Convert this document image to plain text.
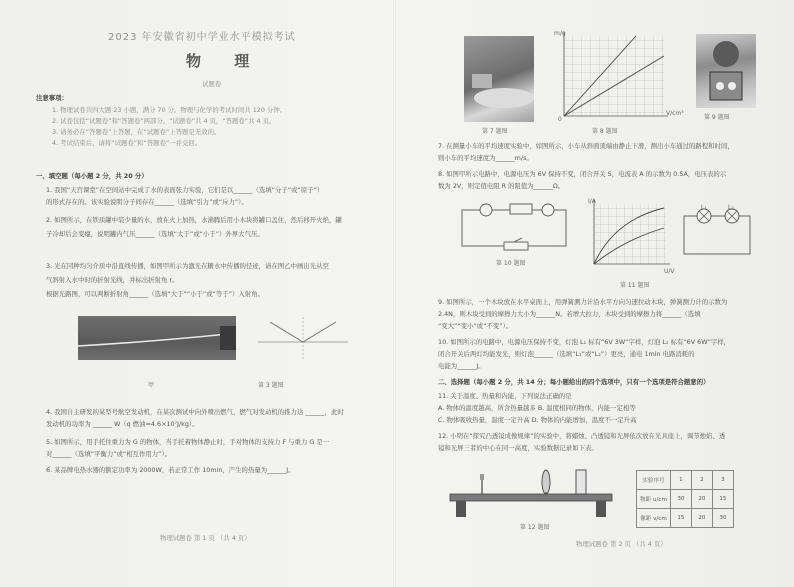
2023 年安徽省初中学业水平模拟考试
物 理
试题卷
注意事项：
1. 物理试卷共四大题 23 小题，满分 70 分。物理与化学的考试时间共 120 分钟。
2. 试卷包括“试题卷”和“答题卷”两部分。“试题卷”共 4 页，“答题卷”共 4 页。
3. 请务必在“答题卷”上答题，在“试题卷”上答题是无效的。
4. 考试结束后，请将“试题卷”和“答题卷”一并交回。
一、填空题（每小题 2 分，共 20 分）
1. 我国“天宫课堂”在空间站中完成了水的表面张力实验，它们是以______（选填“分子”或“原子”）
的形式存在的。该实验说明分子间存在______（选填“引力”或“斥力”）。
2. 如图所示，在铁质罐中装少量的水，放在火上加热，水沸腾后用小木块将罐口盖住，然后移开火焰，罐
子冷却后会变瘪，说明罐内气压______（选填“大于”或“小于”）外界大气压。
3. 光在同种均匀介质中沿直线传播，如图甲所示为激光在糖水中传播的径迹，请在图乙中画出光从空
气斜射入水中时的折射光线，并标出折射角 r。
根据光路图，可以判断折射角______（选填“大于”“小于”或“等于”）入射角。
甲	第 3 题图
4. 我国自主研发的某型号航空发动机，在某次测试中向外喷出燃气，燃气对发动机的推力达 ______，此时
发动机的功率为 ______ W（q 燃油=4.6×10⁷J/kg）。
5. 如图所示，用手托住重力为 G 的物体，当手托着物体静止时，手对物体的支持力 F 与重力 G 是一
对______（选填“平衡力”或“相互作用力”）。
6. 某品牌电热水器的额定功率为 2000W，若正常工作 10min，产生的热量为______J。
物理试题卷 第 1 页 （共 4 页）
第 7 题图
m/g
V/cm³
0
第 8 题图
第 9 题图
7. 在测量小车的平均速度实验中，如图所示，小车从斜面顶端由静止下滑，测出小车通过的路程和时间，
则小车的平均速度为______m/s。
8. 如图甲所示电路中，电源电压为 6V 保持不变，闭合开关 S，电流表 A 的示数为 0.5A，电压表的示
数为 2V，则定值电阻 R 的阻值为______Ω。
第 10 题图
I/A
U/V
第 11 题图
L₁	L₂
9. 如图所示，一个木块放在水平桌面上，用弹簧测力计沿水平方向匀速拉动木块，弹簧测力计的示数为
2.4N，则木块受到的摩擦力大小为______N。若增大拉力，木块受到的摩擦力将______（选填
“变大”“变小”或“不变”）。
10. 如图所示的电路中，电源电压保持不变，灯泡 L₁ 标有“6V 3W”字样，灯泡 L₂ 标有“6V 6W”字样，
闭合开关后两灯均能发光，则灯泡______（选填“L₁”或“L₂”）更亮，通电 1min 电路消耗的
电能为______J。
二、选择题（每小题 2 分，共 14 分；每小题给出的四个选项中，只有一个选项是符合题意的）
11. 关于温度、热量和内能，下列说法正确的是
A. 物体的温度越高，所含热量越多 B. 温度相同的物体，内能一定相等
C. 物体吸收热量，温度一定升高 D. 物体的内能增加，温度不一定升高
12. 小明在“探究凸透镜成像规律”的实验中，将蜡烛、凸透镜和光屏依次放在光具座上，调节烛焰、透
镜和光屏三者的中心在同一高度，实验数据记录如下表。
第 12 题图
物理试题卷 第 2 页 （共 4 页）
实验序号	1	2	3
物距 u/cm	30	20	15
像距 v/cm	15	20	30
